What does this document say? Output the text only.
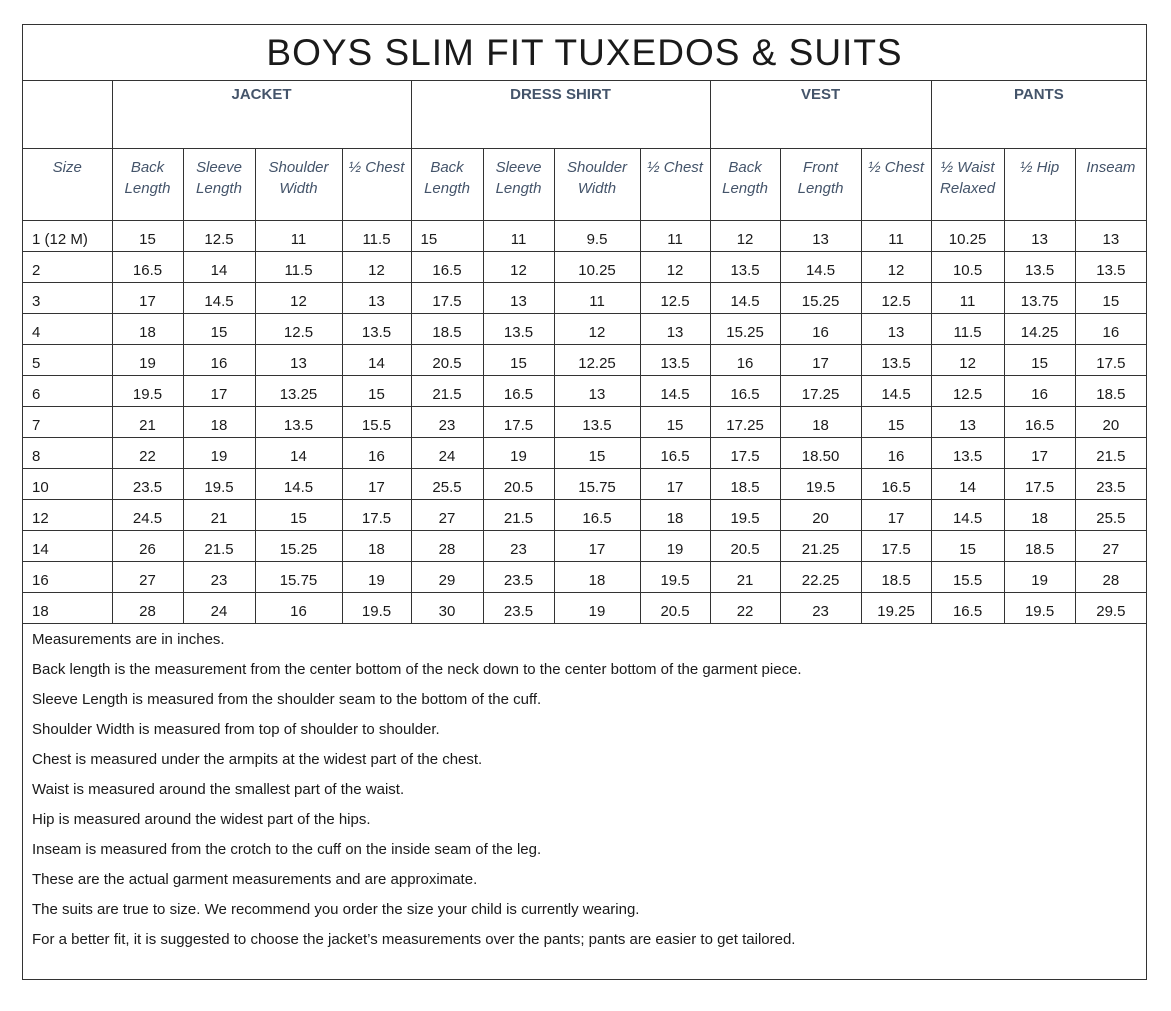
BOYS SLIM FIT TUXEDOS & SUITS
	JACKET				DRESS SHIRT				VEST			PANTS		
Size	Back Length	Sleeve Length	Shoulder Width	½ Chest	Back Length	Sleeve Length	Shoulder Width	½ Chest	Back Length	Front Length	½ Chest	½ Waist Relaxed	½ Hip	Inseam
1 (12 M)	15	12.5	11	11.5	15	11	9.5	11	12	13	11	10.25	13	13
2	16.5	14	11.5	12	16.5	12	10.25	12	13.5	14.5	12	10.5	13.5	13.5
3	17	14.5	12	13	17.5	13	11	12.5	14.5	15.25	12.5	11	13.75	15
4	18	15	12.5	13.5	18.5	13.5	12	13	15.25	16	13	11.5	14.25	16
5	19	16	13	14	20.5	15	12.25	13.5	16	17	13.5	12	15	17.5
6	19.5	17	13.25	15	21.5	16.5	13	14.5	16.5	17.25	14.5	12.5	16	18.5
7	21	18	13.5	15.5	23	17.5	13.5	15	17.25	18	15	13	16.5	20
8	22	19	14	16	24	19	15	16.5	17.5	18.50	16	13.5	17	21.5
10	23.5	19.5	14.5	17	25.5	20.5	15.75	17	18.5	19.5	16.5	14	17.5	23.5
12	24.5	21	15	17.5	27	21.5	16.5	18	19.5	20	17	14.5	18	25.5
14	26	21.5	15.25	18	28	23	17	19	20.5	21.25	17.5	15	18.5	27
16	27	23	15.75	19	29	23.5	18	19.5	21	22.25	18.5	15.5	19	28
18	28	24	16	19.5	30	23.5	19	20.5	22	23	19.25	16.5	19.5	29.5
Measurements are in inches.
Back length is the measurement from the center bottom of the neck down to the center bottom of the garment piece.
Sleeve Length is measured from the shoulder seam to the bottom of the cuff.
Shoulder Width is measured from top of shoulder to shoulder.
Chest is measured under the armpits at the widest part of the chest.
Waist is measured around the smallest part of the waist.
Hip is measured around the widest part of the hips.
Inseam is measured from the crotch to the cuff on the inside seam of the leg.
These are the actual garment measurements and are approximate.
The suits are true to size. We recommend you order the size your child is currently wearing.
For a better fit, it is suggested to choose the jacket’s measurements over the pants; pants are easier to get tailored.
